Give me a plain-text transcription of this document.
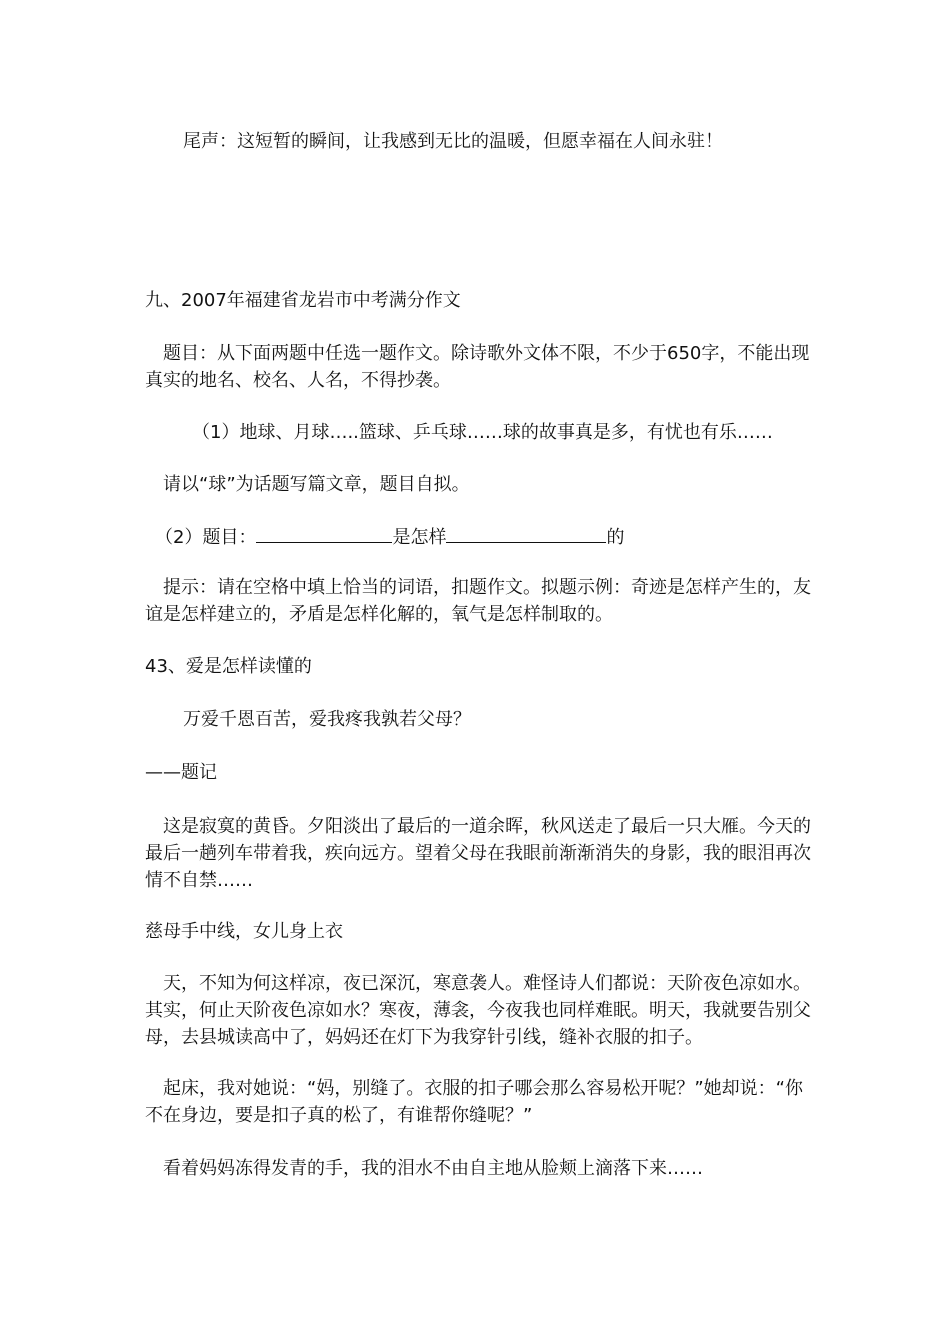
尾声：这短暂的瞬间，让我感到无比的温暖，但愿幸福在人间永驻！
九、2007年福建省龙岩市中考满分作文
题目：从下面两题中任选一题作文。除诗歌外文体不限，不少于650字，不能出现真实的地名、校名、人名，不得抄袭。
（1）地球、月球…..篮球、乒乓球……球的故事真是多，有忧也有乐……
请以“球”为话题写篇文章，题目自拟。
（2）题目：	是怎样	的
提示：请在空格中填上恰当的词语，扣题作文。拟题示例：奇迹是怎样产生的，友谊是怎样建立的，矛盾是怎样化解的，氧气是怎样制取的。
43、爱是怎样读懂的
万爱千恩百苦，爱我疼我孰若父母？
——题记
这是寂寞的黄昏。夕阳淡出了最后的一道余晖，秋风送走了最后一只大雁。今天的最后一趟列车带着我，疾向远方。望着父母在我眼前渐渐消失的身影，我的眼泪再次情不自禁……
慈母手中线，女儿身上衣
天，不知为何这样凉，夜已深沉，寒意袭人。难怪诗人们都说：天阶夜色凉如水。其实，何止天阶夜色凉如水？寒夜，薄衾，今夜我也同样难眠。明天，我就要告别父母，去县城读高中了，妈妈还在灯下为我穿针引线，缝补衣服的扣子。
起床，我对她说：“妈，别缝了。衣服的扣子哪会那么容易松开呢？”她却说：“你不在身边，要是扣子真的松了，有谁帮你缝呢？”
看着妈妈冻得发青的手，我的泪水不由自主地从脸颊上滴落下来……
